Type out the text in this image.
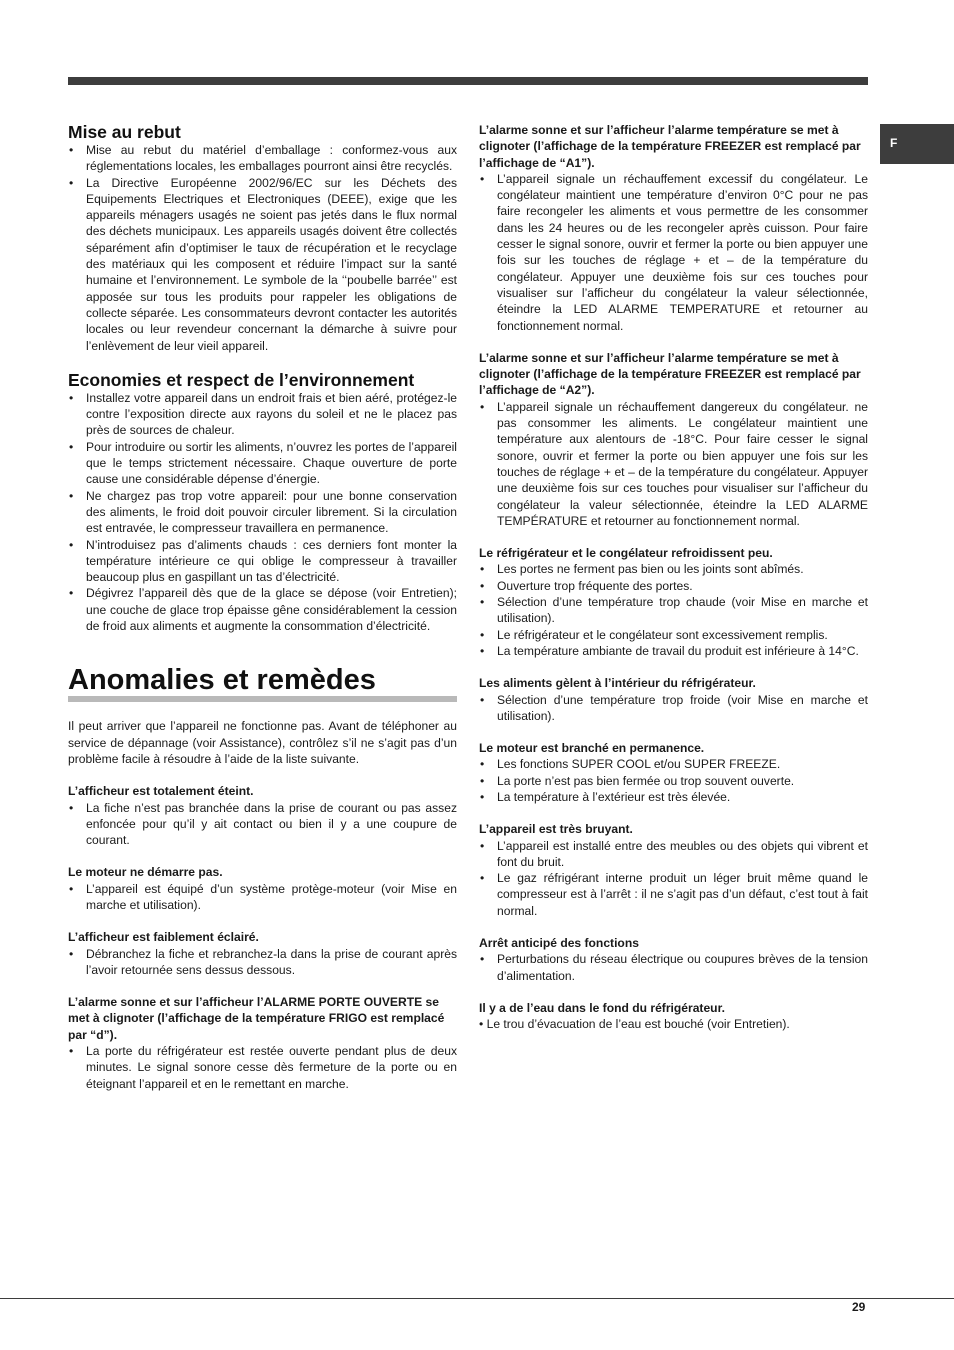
F
Mise au rebut
• Mise au rebut du matériel d’emballage : conformez-vous aux réglementations locales, les emballages pourront ainsi être recyclés.
• La Directive Européenne 2002/96/EC sur les Déchets des Equipements Electriques et Electroniques (DEEE), exige que les appareils ménagers usagés ne soient pas jetés dans le flux normal des déchets municipaux. Les appareils usagés doivent être collectés séparément afin d’optimiser le taux de récupération et le recyclage des matériaux qui les composent et réduire l’impact sur la santé humaine et l’environnement. Le symbole de la ‘‘poubelle barrée’’ est apposée sur tous les produits pour rappeler les obligations de collecte séparée. Les consommateurs devront contacter les autorités locales ou leur revendeur concernant la démarche à suivre pour l’enlèvement de leur vieil appareil.
Economies et respect de l’environnement
• Installez votre appareil dans un endroit frais et bien aéré, protégez-le contre l’exposition directe aux rayons du soleil et ne le placez pas près de sources de chaleur.
• Pour introduire ou sortir les aliments, n’ouvrez les portes de l’appareil que le temps strictement nécessaire. Chaque ouverture de porte cause une considérable dépense d’énergie.
• Ne chargez pas trop votre appareil: pour une bonne conservation des aliments, le froid doit pouvoir circuler librement. Si la circulation est entravée, le compresseur travaillera en permanence.
• N’introduisez pas d’aliments chauds : ces derniers font monter la température intérieure ce qui oblige le compresseur à travailler beaucoup plus en gaspillant un tas d’électricité.
• Dégivrez l’appareil dès que de la glace se dépose (voir Entretien); une couche de glace trop épaisse gêne considérablement la cession de froid aux aliments et augmente la consommation d’électricité.
Anomalies et remèdes

Il peut arriver que l’appareil ne fonctionne pas. Avant de téléphoner au service de dépannage (voir Assistance), contrôlez s’il ne s’agit pas d’un problème facile à résoudre à l’aide de la liste suivante.

L’afficheur est totalement éteint.

• La fiche n’est pas branchée dans la prise de courant ou pas assez enfoncée pour qu’il y ait contact ou bien il y a une coupure de courant.

Le moteur ne démarre pas.

• L’appareil est équipé d’un système protège-moteur (voir Mise en marche et utilisation).

L’afficheur est faiblement éclairé.

• Débranchez la fiche et rebranchez-la dans la prise de courant après l’avoir retournée sens dessus dessous.

L’alarme sonne et sur l’afficheur l’ALARME PORTE OUVERTE se met à clignoter (l’affichage de la température FRIGO est remplacé par “d”).

• La porte du réfrigérateur est restée ouverte pendant plus de deux minutes. Le signal sonore cesse dès fermeture de la porte ou en éteignant l’appareil et en le remettant en marche.

L’alarme sonne et sur l’afficheur l’alarme température se met à clignoter (l’affichage de la température FREEZER est remplacé par l’affichage de “A1”).

• L’appareil signale un réchauffement excessif du congélateur. Le congélateur maintient une température d’environ 0°C pour ne pas faire recongeler les aliments et vous permettre de les consommer dans les 24 heures ou de les recongeler après cuisson. Pour faire cesser le signal sonore, ouvrir et fermer la porte ou bien appuyer une fois sur les touches de réglage + et – de la température du congélateur. Appuyer une deuxième fois sur ces touches pour visualiser sur l’afficheur du congélateur la valeur sélectionnée, éteindre la LED ALARME TEMPERATURE et retourner au fonctionnement normal.

L’alarme sonne et sur l’afficheur l’alarme température se met à clignoter (l’affichage de la température FREEZER est remplacé par l’affichage de “A2”).

• L’appareil signale un réchauffement dangereux du congélateur. ne pas consommer les aliments. Le congélateur maintient une température aux alentours de -18°C. Pour faire cesser le signal sonore, ouvrir et fermer la porte ou bien appuyer une fois sur les touches de réglage + et – de la température du congélateur. Appuyer une deuxième fois sur ces touches pour visualiser sur l’afficheur du congélateur la valeur sélectionnée, éteindre la LED ALARME TEMPÉRATURE et retourner au fonctionnement normal.

Le réfrigérateur et le congélateur refroidissent peu.

• Les portes ne ferment pas bien ou les joints sont abîmés.
• Ouverture trop fréquente des portes.
• Sélection d’une température trop chaude (voir Mise en marche et utilisation).
• Le réfrigérateur et le congélateur sont excessivement remplis.
• La température ambiante de travail du produit est inférieure à 14°C.

Les aliments gèlent à l’intérieur du réfrigérateur.

• Sélection d’une température trop froide (voir Mise en marche et utilisation).

Le moteur est branché en permanence.

• Les fonctions SUPER COOL et/ou SUPER FREEZE.
• La porte n’est pas bien fermée ou trop souvent ouverte.
• La température à l’extérieur est très élevée.

L’appareil est très bruyant.

• L’appareil est installé entre des meubles ou des objets qui vibrent et font du bruit.
• Le gaz réfrigérant interne produit un léger bruit même quand le compresseur est à l’arrêt : il ne s’agit pas d’un défaut, c’est tout à fait normal.

Arrêt anticipé des fonctions

• Perturbations du réseau électrique ou coupures brèves de la tension d’alimentation.

Il y a de l’eau dans le fond du réfrigérateur.

• Le trou d’évacuation de l’eau est bouché (voir Entretien).
29
